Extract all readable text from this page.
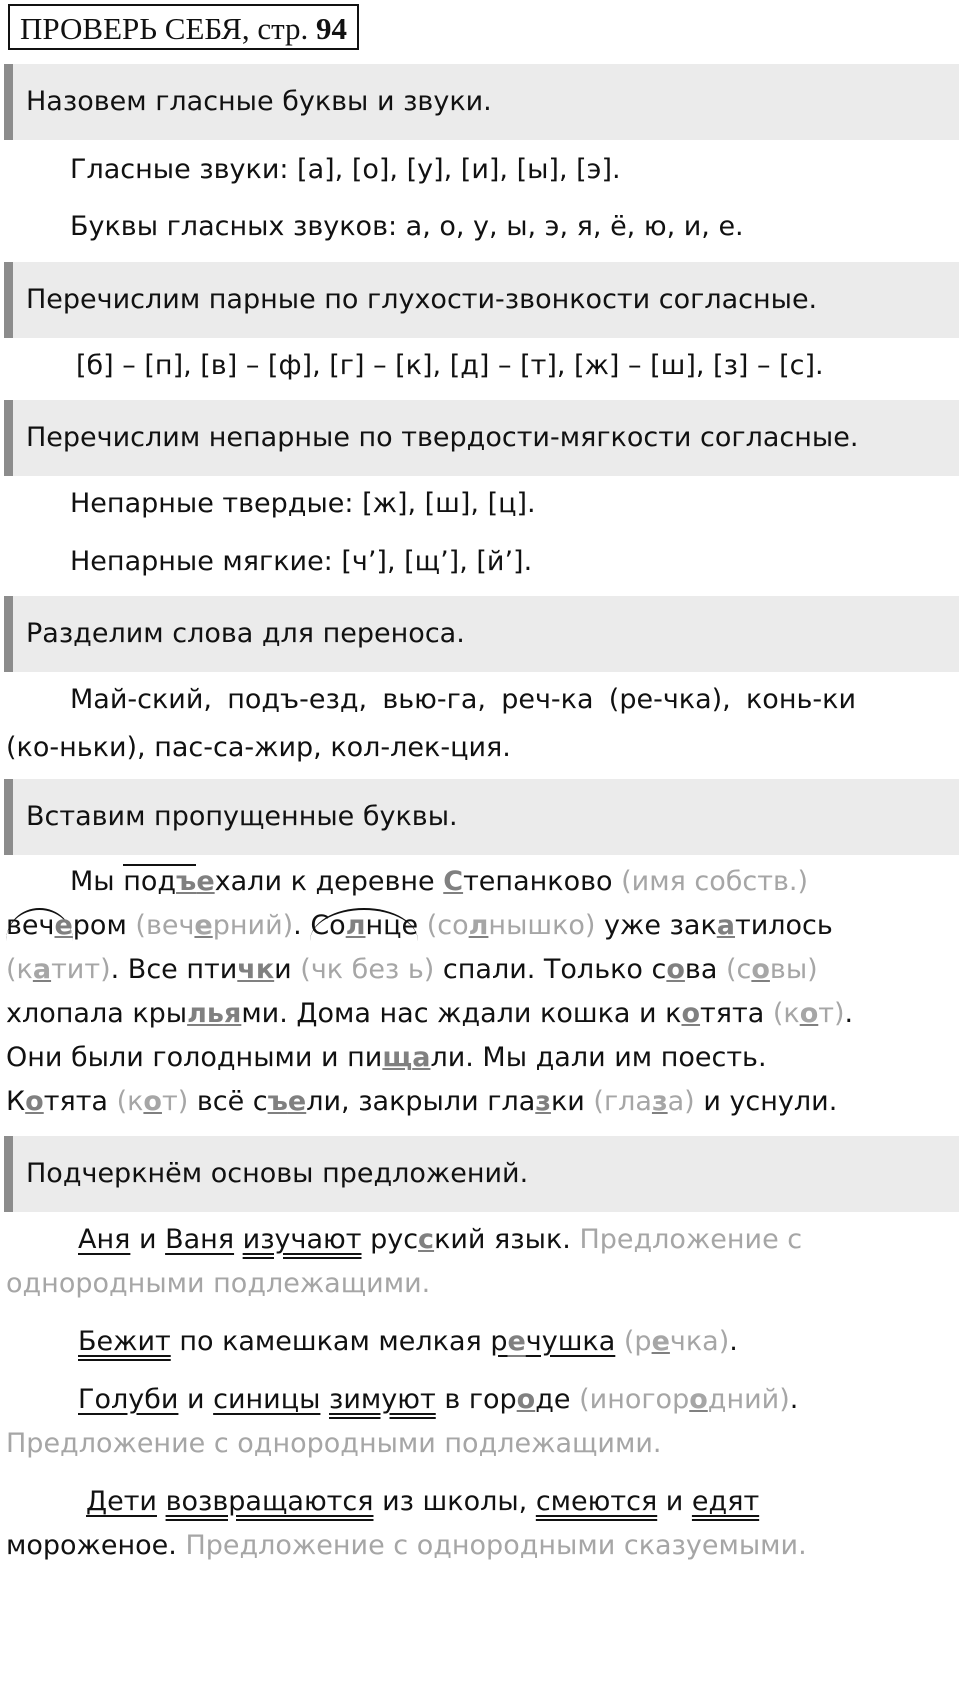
ПРОВЕРЬ СЕБЯ, стр. 94
Назовем гласные буквы и звуки.
Гласные звуки: [а], [о], [у], [и], [ы], [э].
Буквы гласных звуков: а, о, у, ы, э, я, ё, ю, и, е.
Перечислим парные по глухости-звонкости согласные.
[б] – [п], [в] – [ф], [г] – [к], [д] – [т], [ж] – [ш], [з] – [с].
Перечислим непарные по твердости-мягкости согласные.
Непарные твердые: [ж], [ш], [ц].
Непарные мягкие: [ч’], [щ’], [й’].
Разделим слова для переноса.
Май-ский, подъ-езд, вью-га, реч-ка (ре-чка), конь-ки (ко-ньки), пас-са-жир, кол-лек-ция.
Вставим пропущенные буквы.
Мы подъехали к деревне Степанково (имя собств.)
вечером (вечерний). Солнце (солнышко) уже закатилось
(катит). Все птички (чк без ь) спали. Только сова (совы)
хлопала крыльями. Дома нас ждали кошка и котята (кот). Они были голодными и пищали. Мы дали им поесть. Котята (кот) всё съели, закрыли глазки (глаза) и уснули.
Подчеркнём основы предложений.
Аня и Ваня изучают русский язык. Предложение с однородными подлежащими.
Бежит по камешкам мелкая речушка (речка).
Голуби и синицы зимуют в городе (иногородний).
Предложение с однородными подлежащими.
Дети возвращаются из школы, смеются и едят мороженое. Предложение с однородными сказуемыми.
